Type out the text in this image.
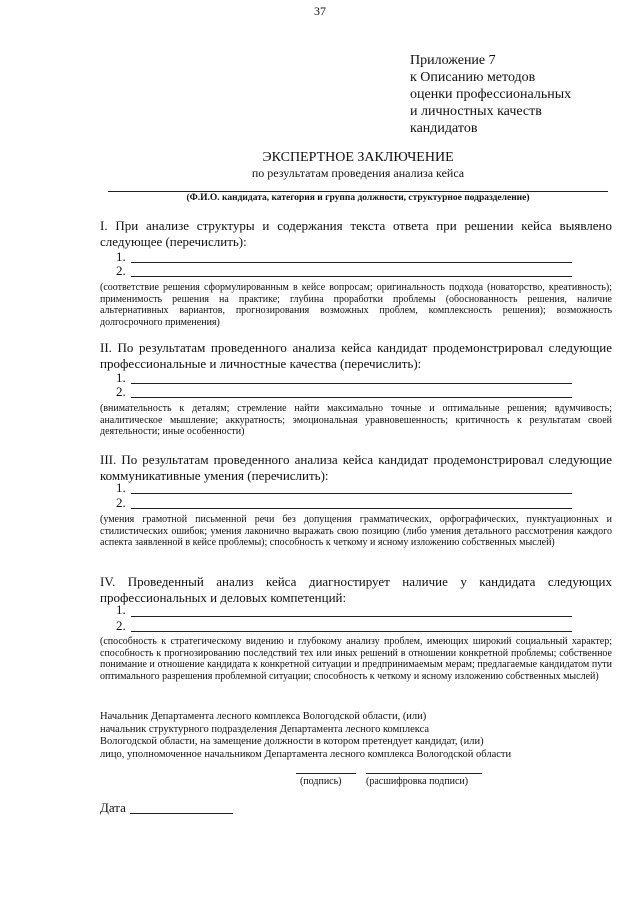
37
Приложение 7
к Описанию методов
оценки профессиональных
и личностных качеств
кандидатов
ЭКСПЕРТНОЕ ЗАКЛЮЧЕНИЕ
по результатам проведения анализа кейса
(Ф.И.О. кандидата, категория и группа должности, структурное подразделение)
I. При анализе структуры и содержания текста ответа при решении кейса выявлено следующее (перечислить):
1.
2.
(соответствие решения сформулированным в кейсе вопросам; оригинальность подхода (новаторство, креативность); применимость решения на практике; глубина проработки проблемы (обоснованность решения, наличие альтернативных вариантов, прогнозирования возможных проблем, комплексность решения); возможность долгосрочного применения)
II. По результатам проведенного анализа кейса кандидат продемонстрировал следующие профессиональные и личностные качества (перечислить):
1.
2.
(внимательность к деталям; стремление найти максимально точные и оптимальные решения; вдумчивость; аналитическое мышление; аккуратность; эмоциональная уравновешенность; критичность к результатам своей деятельности; иные особенности)
III. По результатам проведенного анализа кейса кандидат продемонстрировал следующие коммуникативные умения (перечислить):
1.
2.
(умения грамотной письменной речи без допущения грамматических, орфографических, пунктуационных и стилистических ошибок; умения лаконично выражать свою позицию (либо умения детального рассмотрения каждого аспекта заявленной в кейсе проблемы); способность к четкому и ясному изложению собственных мыслей)
IV. Проведенный анализ кейса диагностирует наличие у кандидата следующих профессиональных и деловых компетенций:
1.
2.
(способность к стратегическому видению и глубокому анализу проблем, имеющих широкий социальный характер; способность к прогнозированию последствий тех или иных решений в отношении конкретной проблемы; собственное понимание и отношение кандидата к конкретной ситуации и предпринимаемым мерам; предлагаемые кандидатом пути оптимального разрешения проблемной ситуации; способность к четкому и ясному изложению собственных мыслей)
Начальник Департамента лесного комплекса Вологодской области, (или)
начальник структурного подразделения Департамента лесного комплекса
Вологодской области, на замещение должности в котором претендует кандидат, (или)
лицо, уполномоченное начальником Департамента лесного комплекса Вологодской области
(подпись) (расшифровка подписи)
Дата
